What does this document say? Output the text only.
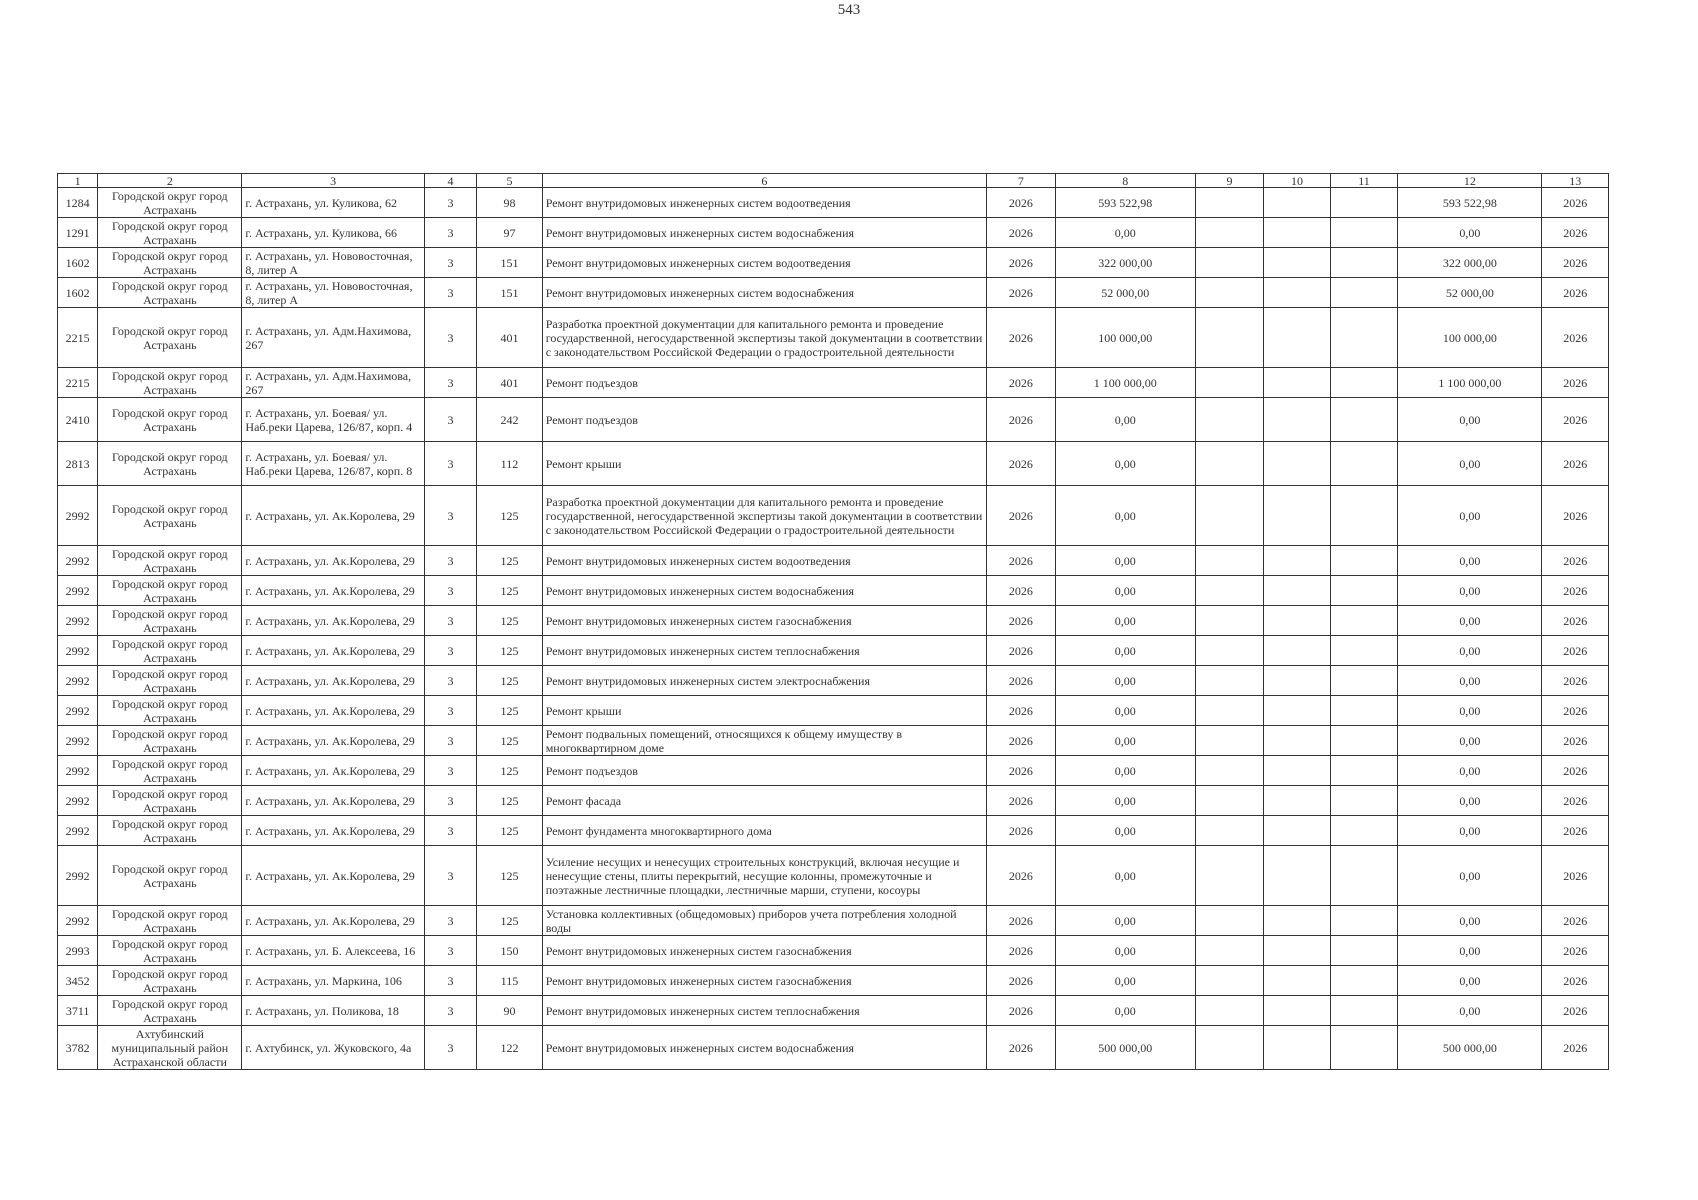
543
1	2	3	4	5	6	7	8	9	10	11	12	13
1284	Городской округ город Астрахань	г. Астрахань, ул. Куликова, 62	3	98	Ремонт внутридомовых инженерных систем водоотведения	2026	593 522,98				593 522,98	2026
1291	Городской округ город Астрахань	г. Астрахань, ул. Куликова, 66	3	97	Ремонт внутридомовых инженерных систем водоснабжения	2026	0,00				0,00	2026
1602	Городской округ город Астрахань	г. Астрахань, ул. Нововосточная, 8, литер А	3	151	Ремонт внутридомовых инженерных систем водоотведения	2026	322 000,00				322 000,00	2026
1602	Городской округ город Астрахань	г. Астрахань, ул. Нововосточная, 8, литер А	3	151	Ремонт внутридомовых инженерных систем водоснабжения	2026	52 000,00				52 000,00	2026
2215	Городской округ город Астрахань	г. Астрахань, ул. Адм.Нахимова, 267	3	401	Разработка проектной документации для капитального ремонта и проведение государственной, негосударственной экспертизы такой документации в соответствии с законодательством Российской Федерации о градостроительной деятельности	2026	100 000,00				100 000,00	2026
2215	Городской округ город Астрахань	г. Астрахань, ул. Адм.Нахимова, 267	3	401	Ремонт подъездов	2026	1 100 000,00				1 100 000,00	2026
2410	Городской округ город Астрахань	г. Астрахань, ул. Боевая/ ул. Наб.реки Царева, 126/87, корп. 4	3	242	Ремонт подъездов	2026	0,00				0,00	2026
2813	Городской округ город Астрахань	г. Астрахань, ул. Боевая/ ул. Наб.реки Царева, 126/87, корп. 8	3	112	Ремонт крыши	2026	0,00				0,00	2026
2992	Городской округ город Астрахань	г. Астрахань, ул. Ак.Королева, 29	3	125	Разработка проектной документации для капитального ремонта и проведение государственной, негосударственной экспертизы такой документации в соответствии с законодательством Российской Федерации о градостроительной деятельности	2026	0,00				0,00	2026
2992	Городской округ город Астрахань	г. Астрахань, ул. Ак.Королева, 29	3	125	Ремонт внутридомовых инженерных систем водоотведения	2026	0,00				0,00	2026
2992	Городской округ город Астрахань	г. Астрахань, ул. Ак.Королева, 29	3	125	Ремонт внутридомовых инженерных систем водоснабжения	2026	0,00				0,00	2026
2992	Городской округ город Астрахань	г. Астрахань, ул. Ак.Королева, 29	3	125	Ремонт внутридомовых инженерных систем газоснабжения	2026	0,00				0,00	2026
2992	Городской округ город Астрахань	г. Астрахань, ул. Ак.Королева, 29	3	125	Ремонт внутридомовых инженерных систем теплоснабжения	2026	0,00				0,00	2026
2992	Городской округ город Астрахань	г. Астрахань, ул. Ак.Королева, 29	3	125	Ремонт внутридомовых инженерных систем электроснабжения	2026	0,00				0,00	2026
2992	Городской округ город Астрахань	г. Астрахань, ул. Ак.Королева, 29	3	125	Ремонт крыши	2026	0,00				0,00	2026
2992	Городской округ город Астрахань	г. Астрахань, ул. Ак.Королева, 29	3	125	Ремонт подвальных помещений, относящихся к общему имуществу в многоквартирном доме	2026	0,00				0,00	2026
2992	Городской округ город Астрахань	г. Астрахань, ул. Ак.Королева, 29	3	125	Ремонт подъездов	2026	0,00				0,00	2026
2992	Городской округ город Астрахань	г. Астрахань, ул. Ак.Королева, 29	3	125	Ремонт фасада	2026	0,00				0,00	2026
2992	Городской округ город Астрахань	г. Астрахань, ул. Ак.Королева, 29	3	125	Ремонт фундамента многоквартирного дома	2026	0,00				0,00	2026
2992	Городской округ город Астрахань	г. Астрахань, ул. Ак.Королева, 29	3	125	Усиление несущих и ненесущих строительных конструкций, включая несущие и ненесущие стены, плиты перекрытий, несущие колонны, промежуточные и поэтажные лестничные площадки, лестничные марши, ступени, косоуры	2026	0,00				0,00	2026
2992	Городской округ город Астрахань	г. Астрахань, ул. Ак.Королева, 29	3	125	Установка коллективных (общедомовых) приборов учета потребления холодной воды	2026	0,00				0,00	2026
2993	Городской округ город Астрахань	г. Астрахань, ул. Б. Алексеева, 16	3	150	Ремонт внутридомовых инженерных систем газоснабжения	2026	0,00				0,00	2026
3452	Городской округ город Астрахань	г. Астрахань, ул. Маркина, 106	3	115	Ремонт внутридомовых инженерных систем газоснабжения	2026	0,00				0,00	2026
3711	Городской округ город Астрахань	г. Астрахань, ул. Поликова, 18	3	90	Ремонт внутридомовых инженерных систем теплоснабжения	2026	0,00				0,00	2026
3782	Ахтубинский муниципальный район Астраханской области	г. Ахтубинск, ул. Жуковского, 4а	3	122	Ремонт внутридомовых инженерных систем водоснабжения	2026	500 000,00				500 000,00	2026
